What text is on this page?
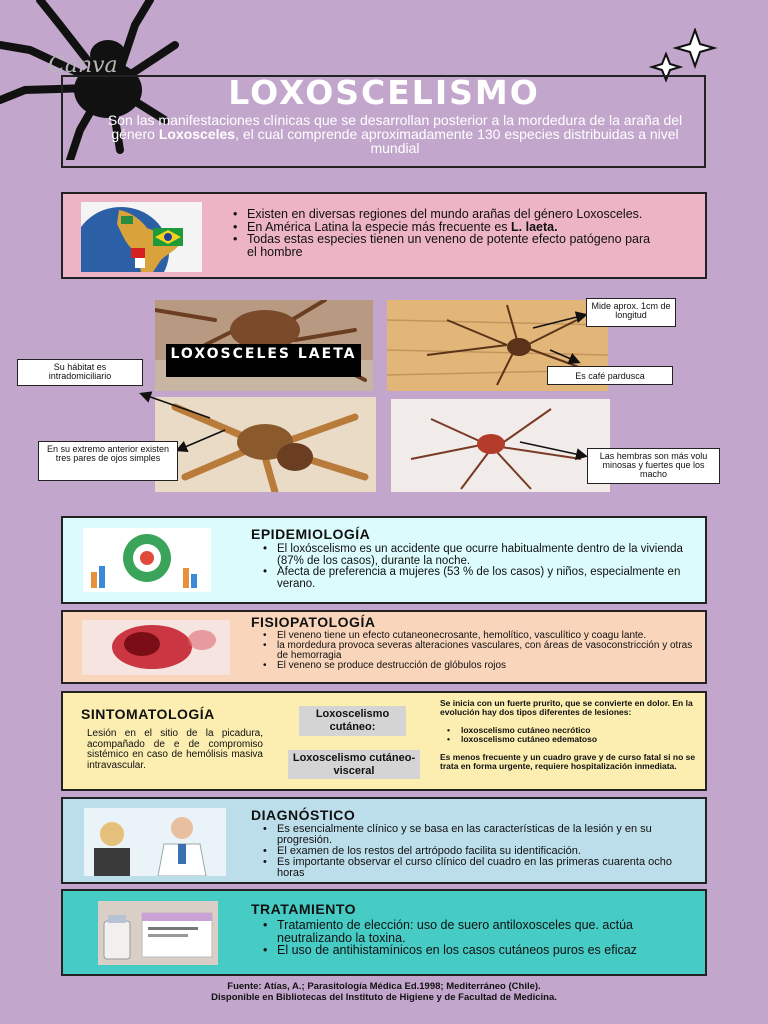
Canva
LOXOSCELISMO
Son las manifestaciones clínicas que se desarrollan posterior a la mordedura de la araña del género Loxosceles, el cual comprende aproximadamente 130 especies distribuidas a nivel mundial
• Existen en diversas regiones del mundo arañas del género Loxosceles.
• En América Latina la especie más frecuente es L. laeta.
• Todas estas especies tienen un veneno de potente efecto patógeno para el hombre
LOXOSCELES LAETA
Su hábitat es intradomiciliario
En su extremo anterior existen tres pares de ojos simples
Mide aprox. 1cm de longitud
Es café pardusca
Las hembras son más volu minosas y fuertes que los macho
EPIDEMIOLOGÍA
• El loxóscelismo es un accidente que ocurre habitualmente dentro de la vivienda (87% de los casos), durante la noche.
• Afecta de preferencia a mujeres (53 % de los casos) y niños, especialmente en verano.
FISIOPATOLOGÍA
• El veneno tiene un efecto cutaneonecrosante, hemolítico, vasculítico y coagu lante.
• la mordedura provoca severas alteraciones vasculares, con áreas de vasoconstricción y otras de hemorragia
• El veneno se produce destrucción de glóbulos rojos
SINTOMATOLOGÍA
Lesión en el sitio de la picadura, acompañado de e de compromiso sistémico en caso de hemólisis masiva intravascular.
Loxoscelismo cutáneo:
Loxoscelismo cutáneo-visceral
Se inicia con un fuerte prurito, que se convierte en dolor. En la evolución hay dos tipos diferentes de lesiones:
• loxoscelismo cutáneo necrótico
• loxoscelismo cutáneo edematoso
Es menos frecuente y un cuadro grave y de curso fatal si no se trata en forma urgente, requiere hospitalización inmediata.
DIAGNÓSTICO
• Es esencialmente clínico y se basa en las características de la lesión y en su progresión.
• El examen de los restos del artrópodo facilita su identificación.
• Es importante observar el curso clínico del cuadro en las primeras cuarenta ocho horas
TRATAMIENTO
• Tratamiento de elección: uso de suero antiloxosceles que. actúa neutralizando la toxina.
• El uso de antihistamínicos en los casos cutáneos puros es eficaz
Fuente: Atías, A.; Parasitología Médica Ed.1998; Mediterráneo (Chile).
Disponible en Bibliotecas del Instituto de Higiene y de Facultad de Medicina.
